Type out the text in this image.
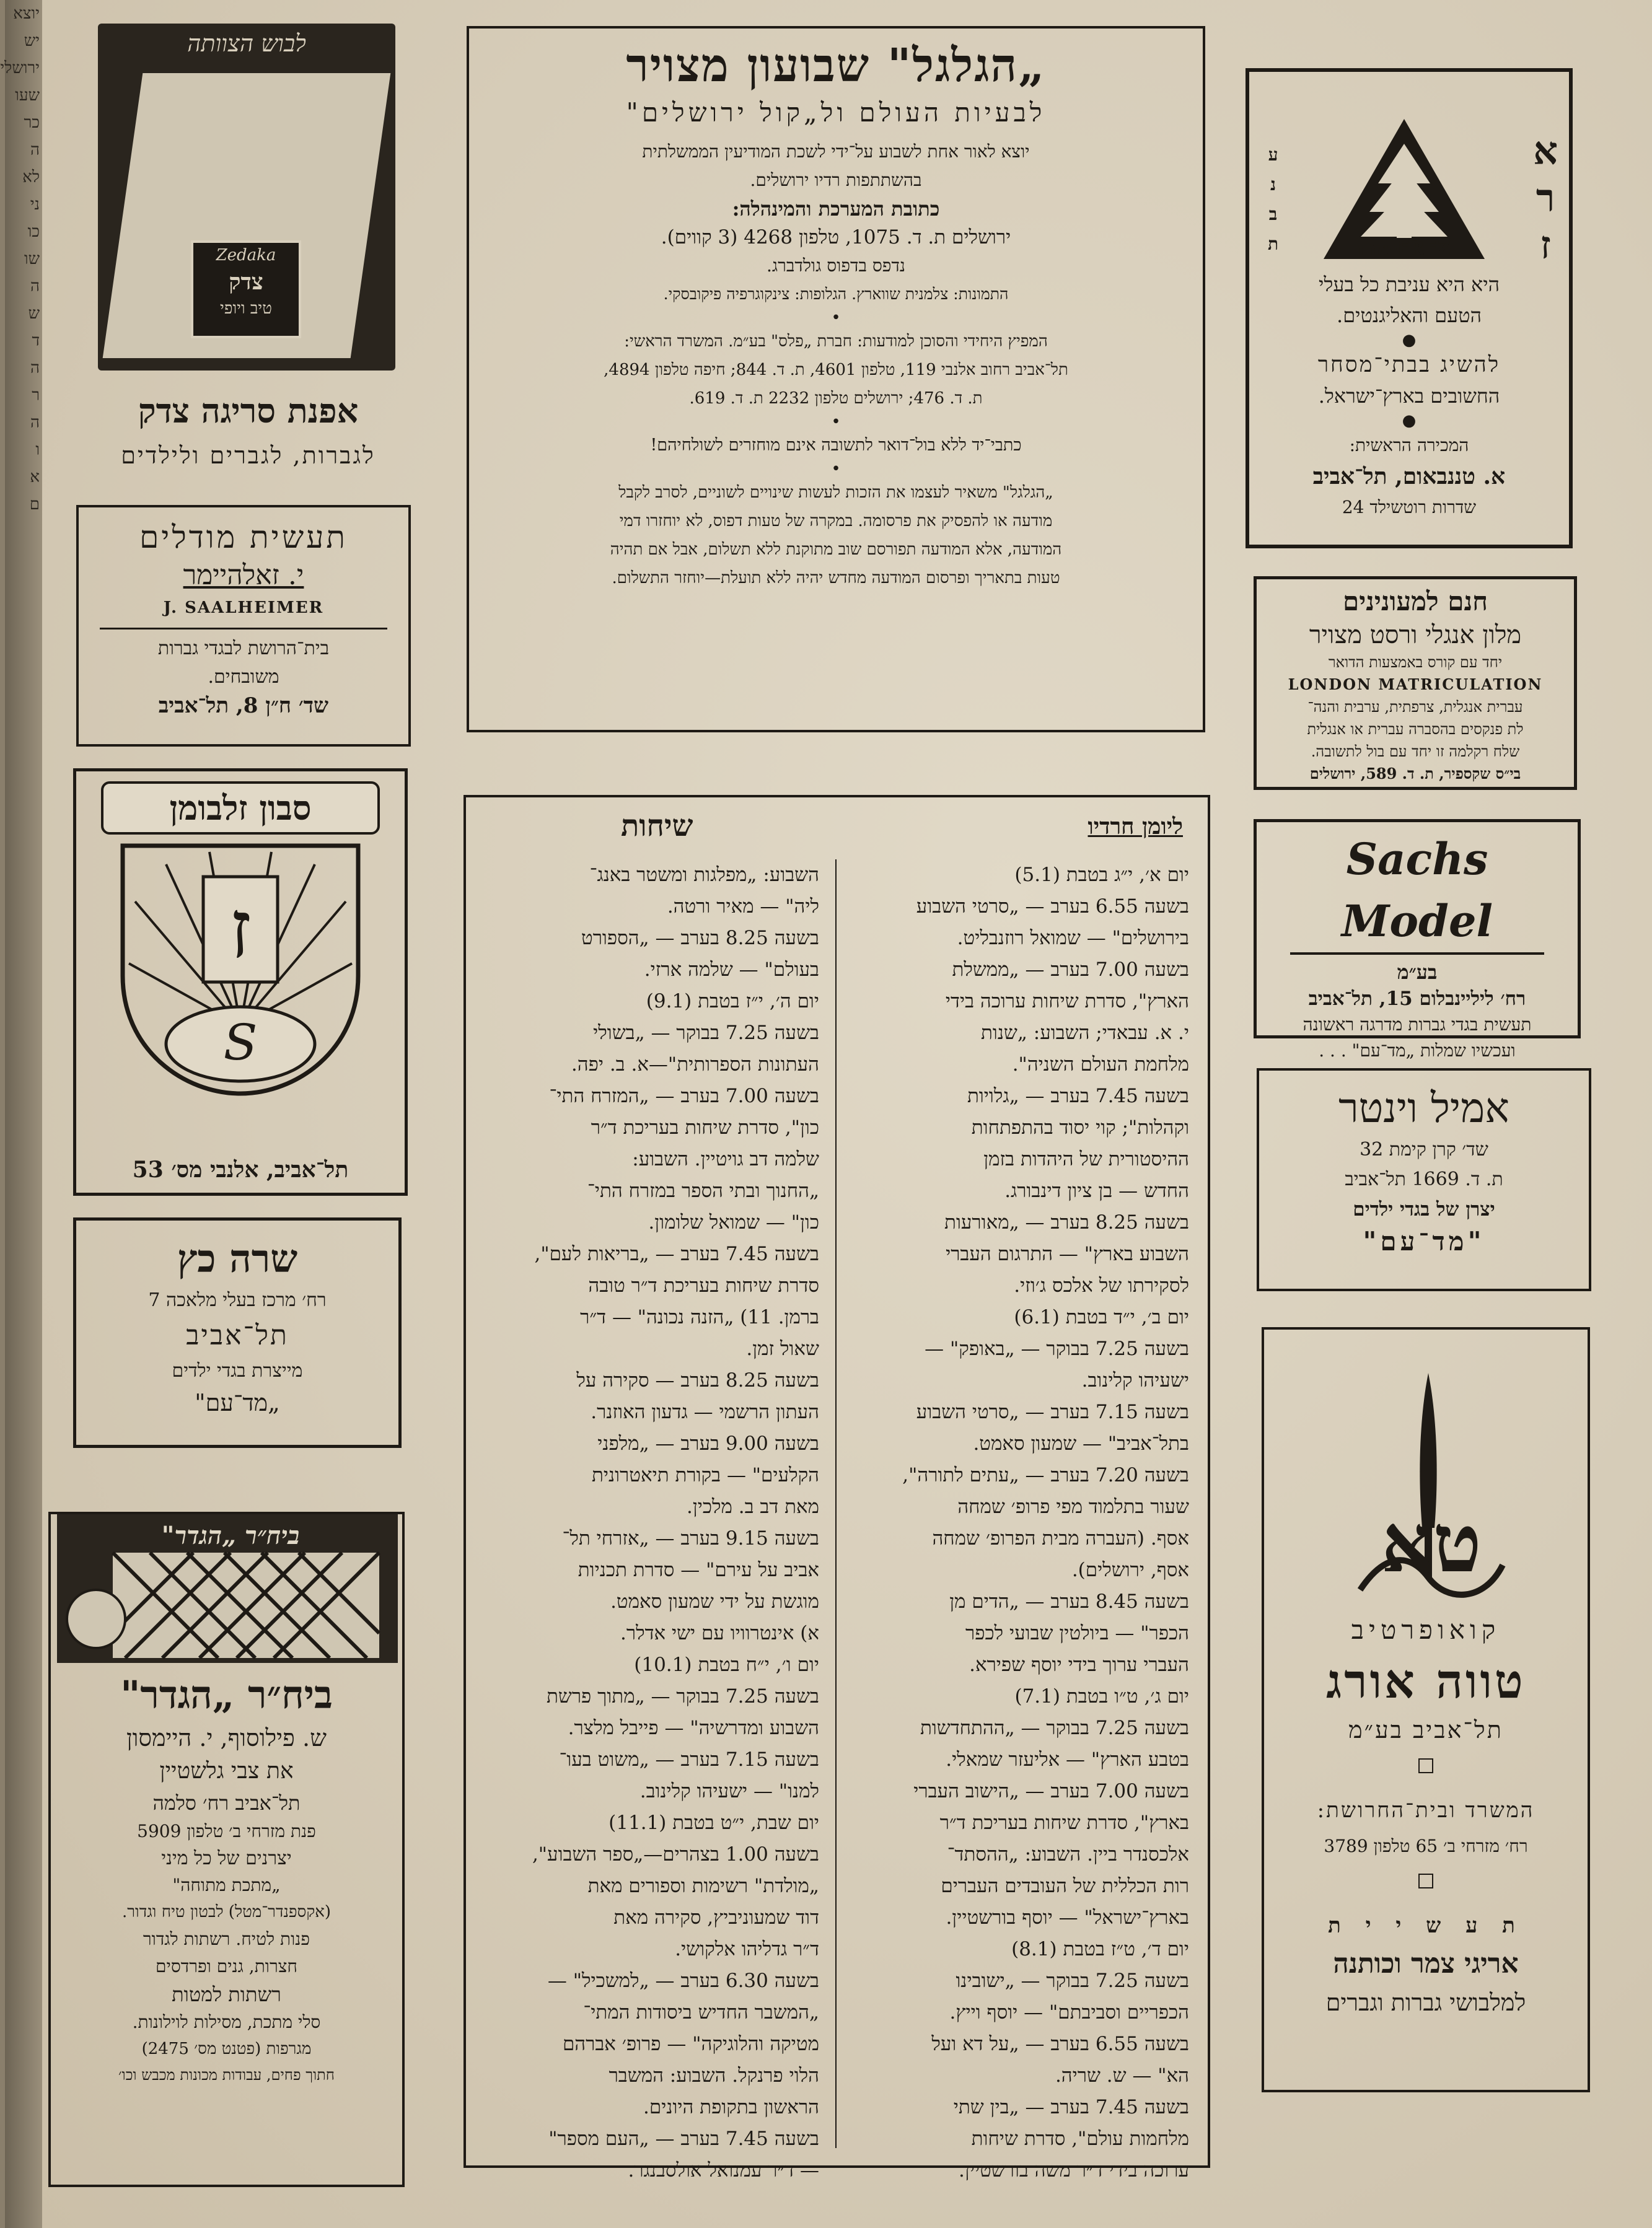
יוצא
יש
ירושלי
שעו
כר
ה
לא
ני
כו
שו
ה
ש
ד
ה
ר
ה
ו
א
ם
„הגלגל" שבועון מצויר
לבעיות העולם ול„קול ירושלים"
יוצא לאור אחת לשבוע על־ידי לשכת המודיעין הממשלתית
בהשתתפות רדיו ירושלים.
כתובת המערכת והמינהלה:
ירושלים ת. ד. 1075, טלפון 4268 (3 קווים).
נדפס בדפוס גולדברג.
התמונות: צלמנית שווארץ. הגלופות: צינקוגרפיה פיקובסקי.
•
המפיץ היחידי והסוכן למודעות: חברת „פלס" בע״מ. המשרד הראשי:
תל־אביב רחוב אלנבי 119, טלפון 4601, ת. ד. 844; חיפה טלפון 4894,
ת. ד. 476; ירושלים טלפון 2232 ת. ד. 619.
•
כתבי־יד ללא בול־דואר לתשובה אינם מוחזרים לשולחיהם!
•
„הגלגל" משאיר לעצמו את הזכות לעשות שינויים לשוניים, לסרב לקבל
מודעה או להפסיק את פרסומה. במקרה של טעות דפוס, לא יוחזרו דמי
המודעה, אלא המודעה תפורסם שוב מתוקנת ללא תשלום, אבל אם תהיה
טעות בתאריך ופרסום המודעה מחדש יהיה ללא תועלת—יוחזר התשלום.
ליומן חרדיו
שיחות
יום א׳, י״ג בטבת (5.1)
בשעה 6.55 בערב — „סרטי השבוע
בירושלים" — שמואל רוזנבליט.
בשעה 7.00 בערב — „ממשלת
הארץ", סדרת שיחות ערוכה בידי
י. א. עבאדי; השבוע: „שנות
מלחמת העולם השניה".
בשעה 7.45 בערב — „גלויות
וקהלות"; קוי יסוד בהתפתחות
ההיסטורית של היהדות בזמן
החדש — בן ציון דינבורג.
בשעה 8.25 בערב — „מאורעות
השבוע בארץ" — התרגום העברי
לסקירתו של אלכס ג׳וזי.
יום ב׳, י״ד בטבת (6.1)
בשעה 7.25 בבוקר — „באופק" —
ישעיהו קלינוב.
בשעה 7.15 בערב — „סרטי השבוע
בתל־אביב" — שמעון סאמט.
בשעה 7.20 בערב — „עתים לתורה",
שעור בתלמוד מפי פרופ׳ שמחה
אסף. (העברה מבית הפרופ׳ שמחה
אסף, ירושלים).
בשעה 8.45 בערב — „הדים מן
הכפר" — ביולטין שבועי לכפר
העברי ערוך בידי יוסף שפירא.
יום ג׳, ט״ו בטבת (7.1)
בשעה 7.25 בבוקר — „ההתחדשות
בטבע הארץ" — אליעזר שמאלי.
בשעה 7.00 בערב — „הישוב העברי
בארץ", סדרת שיחות בעריכת ד״ר
אלכסנדר ביין. השבוע: „ההסתד־
רות הכללית של העובדים העברים
בארץ־ישראל" — יוסף בורשטיין.
יום ד׳, ט״ז בטבת (8.1)
בשעה 7.25 בבוקר — „ישובינו
הכפריים וסביבתם" — יוסף וייץ.
בשעה 6.55 בערב — „על דא ועל
הא" — ש. שריה.
בשעה 7.45 בערב — „בין שתי
מלחמות עולם", סדרת שיחות
ערוכה בידי ד״ר משה בורשטיין.
השבוע: „מפלגות ומשטר באנג־
ליה" — מאיר ורטה.
בשעה 8.25 בערב — „הספורט
בעולם" — שלמה ארזי.
יום ה׳, י״ז בטבת (9.1)
בשעה 7.25 בבוקר — „בשולי
העתונות הספרותית"—א. ב. יפה.
בשעה 7.00 בערב — „המזרח התי־
כון", סדרת שיחות בעריכת ד״ר
שלמה דב גויטיין. השבוע:
„החנוך ובתי הספר במזרח התי־
כון" — שמואל שלומון.
בשעה 7.45 בערב — „בריאות לעם",
סדרת שיחות בעריכת ד״ר טובה
ברמן. 11) „הזנה נכונה" — ד״ר
שאול זמן.
בשעה 8.25 בערב — סקירה על
העתון הרשמי — גדעון האוזנר.
בשעה 9.00 בערב — „מלפני
הקלעים" — בקורת תיאטרונית
מאת דב ב. מלכין.
בשעה 9.15 בערב — „אזרחי תל־
אביב על עירם" — סדרת תכניות
מוגשת על ידי שמעון סאמט.
א) אינטרוויו עם ישי אדלר.
יום ו׳, י״ח בטבת (10.1)
בשעה 7.25 בבוקר — „מתוך פרשת
השבוע ומדרשיה" — פייבל מלצר.
בשעה 7.15 בערב — „משוט בעו־
למנו" — ישעיהו קלינוב.
יום שבת, י״ט בטבת (11.1)
בשעה 1.00 בצהרים—„ספר השבוע",
„מולדת" רשימות וספורים מאת
דוד שמעוניביץ, סקירה מאת
ד״ר גדליהו אלקושי.
בשעה 6.30 בערב — „למשכיל" —
„המשבר החדיש ביסודות המתי־
מטיקה והלוגיקה" — פרופ׳ אברהם
הלוי פרנקל. השבוע: המשבר
הראשון בתקופת היונים.
בשעה 7.45 בערב — „העם מספר"
— ד״ר עמנואל אולסבנגר.
א
ר
ז
ע
נ
ב
ת	EREZ-ארז
היא היא עניבת כל בעלי
הטעם והאליגנטים.
●
להשיג בבתי־מסחר
החשובים בארץ־ישראל.
●
המכירה הראשית:
א. טננבאום, תל־אביב
שדרות רוטשילד 24
חנם למעונינים
מלון אנגלי ורסט מצויר
יחד עם קורס באמצעות הדואר
LONDON MATRICULATION
עברית אנגלית, צרפתית, ערבית והנה־
לת פנקסים בהסברה עברית או אנגלית
שלח רקלמה זו יחד עם בול לתשובה.
בי״ס שקספיר, ת. ד. 589, ירושלים
Sachs Model
בע״מ
רח׳ ליליינבלום 15, תל־אביב
תעשית בגדי גברות מדרגה ראשונה
ועכשיו שמלות „מד־עם" . . .
אמיל וינטר
שד׳ קרן קימת 32
ת. ד. 1669 תל־אביב
יצרן של בגדי ילדים
"מד־עם"
טא
קואופרטיב
טווה אורג
תל־אביב בע״מ
המשרד ובית־החרושת:
רח׳ מזרחי ב׳ 65 טלפון 3789
ת ע ש י י ת
אריגי צמר וכותנה
למלבושי גברות וגברים
לבוש הצוותה
Zedaka
צדק
טיב ויופי
אפנת סריגה צדק
לגברות, לגברים ולילדים
תעשית מודלים
י. זאלהיימר
J. SAALHEIMER
בית־הרושת לבגדי גברות
משובחים.
שד׳ ח״ן 8, תל־אביב
סבון זלבומן
ז
S
תל־אביב, אלנבי מס׳ 53
שרה כץ
רח׳ מרכז בעלי מלאכה 7
תל־אביב
מייצרת בגדי ילדים
„מד־עם"
ביח״ר „הגדר"
ביח״ר „הגדר"
ש. פילוסוף, י. היימסון
את צבי גלשטיין
תל־אביב רח׳ סלמה
פנת מזרחי ב׳ טלפון 5909
יצרנים של כל מיני
„מתכת מתוחה"
(אקספנדר־מטל) לבטון טיח וגדור.
פנות לטיח. רשתות לגדור
חצרות, גנים ופרדסים
רשתות למטות
סלי מתכת, מסילות לוילונות.
מגרפות (פטנט מס׳ 2475)
חתוך פחים, עבודות מכונות מכבש וכו׳
